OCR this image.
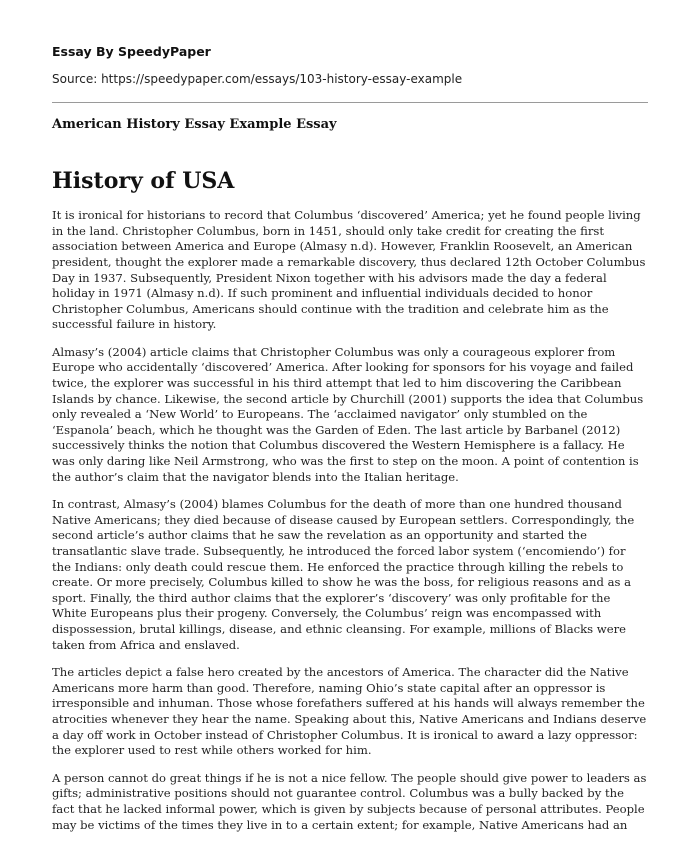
Essay By SpeedyPaper
Source: https://speedypaper.com/essays/103-history-essay-example
American History Essay Example Essay
History of USA

It is ironical for historians to record that Columbus ‘discovered’ America; yet he found people living in the land. Christopher Columbus, born in 1451, should only take credit for creating the first association between America and Europe (Almasy n.d). However, Franklin Roosevelt, an American president, thought the explorer made a remarkable discovery, thus declared 12th October Columbus Day in 1937. Subsequently, President Nixon together with his advisors made the day a federal holiday in 1971 (Almasy n.d). If such prominent and influential individuals decided to honor Christopher Columbus, Americans should continue with the tradition and celebrate him as the successful failure in history.

Almasy’s (2004) article claims that Christopher Columbus was only a courageous explorer from Europe who accidentally ‘discovered’ America. After looking for sponsors for his voyage and failed twice, the explorer was successful in his third attempt that led to him discovering the Caribbean Islands by chance. Likewise, the second article by Churchill (2001) supports the idea that Columbus only revealed a ‘New World’ to Europeans. The ‘acclaimed navigator’ only stumbled on the ‘Espanola’ beach, which he thought was the Garden of Eden. The last article by Barbanel (2012) successively thinks the notion that Columbus discovered the Western Hemisphere is a fallacy. He was only daring like Neil Armstrong, who was the first to step on the moon. A point of contention is the author’s claim that the navigator blends into the Italian heritage.

In contrast, Almasy’s (2004) blames Columbus for the death of more than one hundred thousand Native Americans; they died because of disease caused by European settlers. Correspondingly, the second article’s author claims that he saw the revelation as an opportunity and started the transatlantic slave trade. Subsequently, he introduced the forced labor system (‘encomiendo’) for the Indians: only death could rescue them. He enforced the practice through killing the rebels to create. Or more precisely, Columbus killed to show he was the boss, for religious reasons and as a sport. Finally, the third author claims that the explorer’s ‘discovery’ was only profitable for the White Europeans plus their progeny. Conversely, the Columbus’ reign was encompassed with dispossession, brutal killings, disease, and ethnic cleansing. For example, millions of Blacks were taken from Africa and enslaved.

The articles depict a false hero created by the ancestors of America. The character did the Native Americans more harm than good. Therefore, naming Ohio’s state capital after an oppressor is irresponsible and inhuman. Those whose forefathers suffered at his hands will always remember the atrocities whenever they hear the name. Speaking about this, Native Americans and Indians deserve a day off work in October instead of Christopher Columbus. It is ironical to award a lazy oppressor: the explorer used to rest while others worked for him.

A person cannot do great things if he is not a nice fellow. The people should give power to leaders as gifts; administrative positions should not guarantee control. Columbus was a bully backed by the fact that he lacked informal power, which is given by subjects because of personal attributes. People may be victims of the times they live in to a certain extent; for example, Native Americans had an
